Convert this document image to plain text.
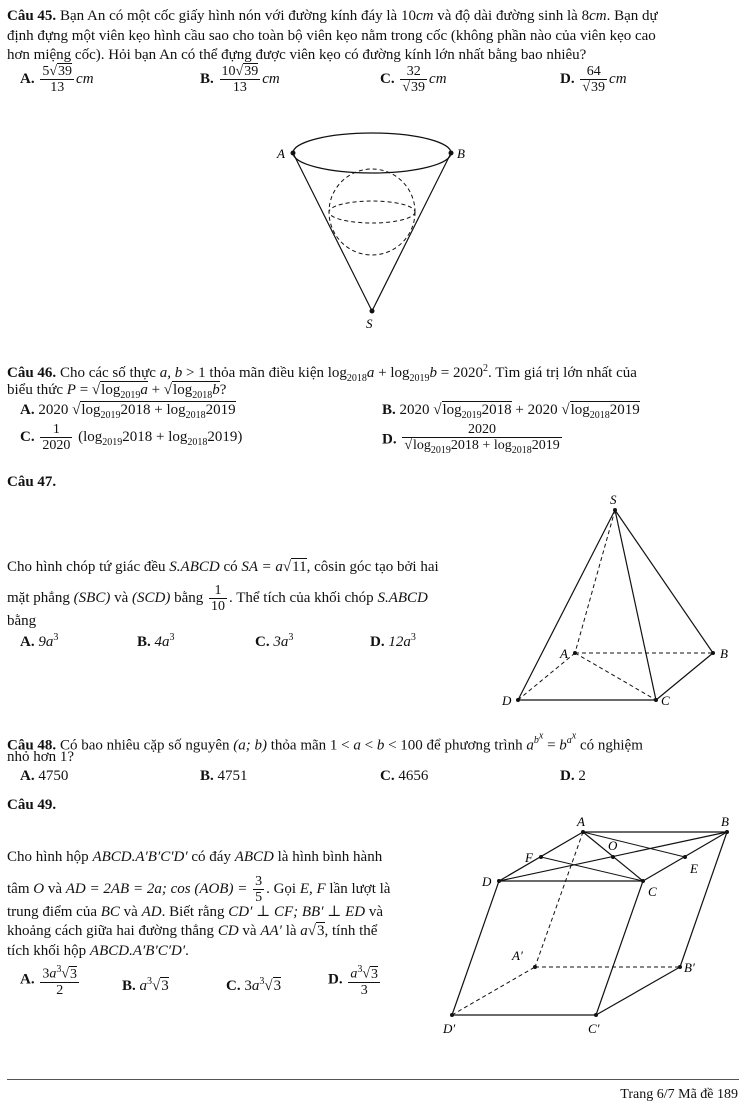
Câu 45. Bạn An có một cốc giấy hình nón với đường kính đáy là 10cm và độ dài đường sinh là 8cm. Bạn dự
định đựng một viên kẹo hình cầu sao cho toàn bộ viên kẹo nằm trong cốc (không phần nào của viên kẹo cao
hơn miệng cốc). Hỏi bạn An có thể đựng được viên kẹo có đường kính lớn nhất bằng bao nhiêu?
A. $\frac{5√39}{13}$ cm	B. $\frac{10√39}{13}$ cm	C. $\frac{32}{√39}$ cm	D. $\frac{64}{√39}$ cm
A	B
S
Câu 46. Cho các số thực a, b > 1 thỏa mãn điều kiện $\log_{2018}a + \log_{2019}b = 2020^2$. Tìm giá trị lớn nhất của
biểu thức $P = √\log_{2019}a + √\log_{2018}b$?
A. 2020 $√\log_{2019}2018 + \log_{2018}2019$	B. 2020 $√\log_{2019}2018 + 2020$ $√\log_{2018}2019$
C. $\frac{1}{2020} (\log_{2019}2018 + \log_{2018}2019)$	D. $\frac{2020}{√\log_{2019}2018 + \log_{2018}2019}$
Câu 47.
Cho hình chóp tứ giác đều S.ABCD có SA = a√11, côsin góc tạo bởi hai
mặt phẳng (SBC) và (SCD) bằng $\frac{1}{10}$ . Thể tích của khối chóp S.ABCD
bằng
A. $9a^3$	B. $4a^3$	C. $3a^3$	D. $12a^3$
S
A	B
C
D
Câu 48. Có bao nhiêu cặp số nguyên (a; b) thỏa mãn 1 < a < b < 100 để phương trình $a^{b^x} = b^{a^x}$ có nghiệm
nhỏ hơn 1?
A. 4750	B. 4751	C. 4656	D. 2
Câu 49.
Cho hình hộp ABCD.A′B′C′D′ có đáy ABCD là hình bình hành
tâm O và AD = 2AB = 2a; $\cos (AOB) = \frac{3}{5}$ . Gọi E, F lần lượt là
trung điểm của BC và AD. Biết rằng CD′ ⊥ CF; BB′ ⊥ ED và
khoảng cách giữa hai đường thẳng CD và AA′ là a√3, tính thể
tích khối hộp ABCD.A′B′C′D′.
A. $\frac{3a^3√3}{2}$	B. $a^3√3$	C. $3a^3√3$	D. $\frac{a^3√3}{3}$
A	B
D
C
O
F
E
A′
B′
D′	C′
Trang 6/7 Mã đề 189
